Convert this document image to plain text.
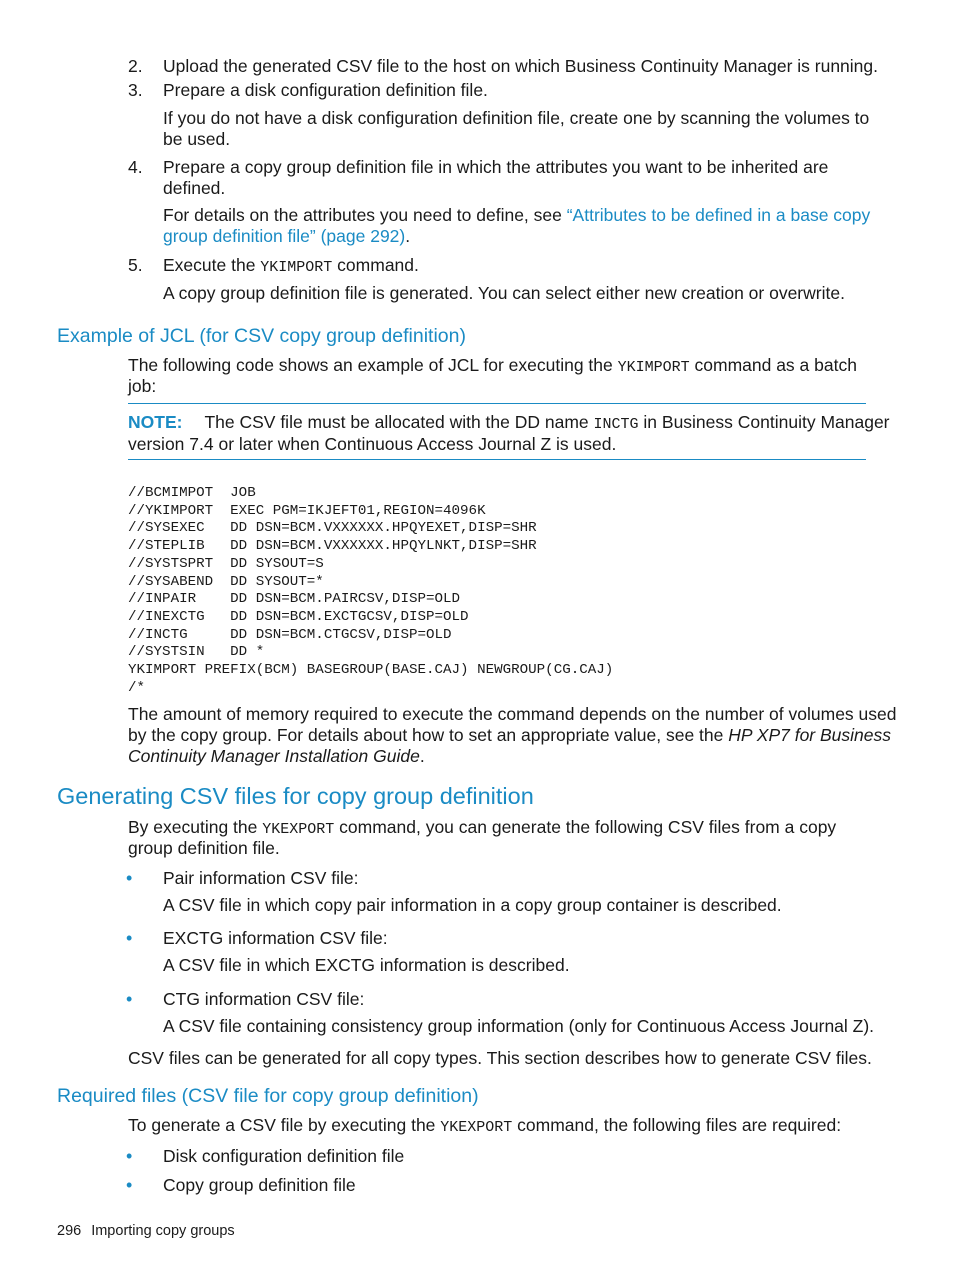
2. Upload the generated CSV file to the host on which Business Continuity Manager is running.

3. Prepare a disk configuration definition file.

If you do not have a disk configuration definition file, create one by scanning the volumes to

be used.

4. Prepare a copy group definition file in which the attributes you want to be inherited are

defined.

For details on the attributes you need to define, see “Attributes to be defined in a base copy

group definition file” (page 292).

5. Execute the YKIMPORT command.

A copy group definition file is generated. You can select either new creation or overwrite.

Example of JCL (for CSV copy group definition)

The following code shows an example of JCL for executing the YKIMPORT command as a batch

job:

NOTE: The CSV file must be allocated with the DD name INCTG in Business Continuity Manager

version 7.4 or later when Continuous Access Journal Z is used.

//BCMIMPOT  JOB
//YKIMPORT  EXEC PGM=IKJEFT01,REGION=4096K
//SYSEXEC   DD DSN=BCM.VXXXXXX.HPQYEXET,DISP=SHR
//STEPLIB   DD DSN=BCM.VXXXXXX.HPQYLNKT,DISP=SHR
//SYSTSPRT  DD SYSOUT=S
//SYSABEND  DD SYSOUT=*
//INPAIR    DD DSN=BCM.PAIRCSV,DISP=OLD
//INEXCTG   DD DSN=BCM.EXCTGCSV,DISP=OLD
//INCTG     DD DSN=BCM.CTGCSV,DISP=OLD
//SYSTSIN   DD *
YKIMPORT PREFIX(BCM) BASEGROUP(BASE.CAJ) NEWGROUP(CG.CAJ)
/*

The amount of memory required to execute the command depends on the number of volumes used

by the copy group. For details about how to set an appropriate value, see the HP XP7 for Business

Continuity Manager Installation Guide.

Generating CSV files for copy group definition

By executing the YKEXPORT command, you can generate the following CSV files from a copy

group definition file.

• Pair information CSV file:

A CSV file in which copy pair information in a copy group container is described.

• EXCTG information CSV file:

A CSV file in which EXCTG information is described.

• CTG information CSV file:

A CSV file containing consistency group information (only for Continuous Access Journal Z).

CSV files can be generated for all copy types. This section describes how to generate CSV files.

Required files (CSV file for copy group definition)

To generate a CSV file by executing the YKEXPORT command, the following files are required:

• Disk configuration definition file

• Copy group definition file

296 Importing copy groups
